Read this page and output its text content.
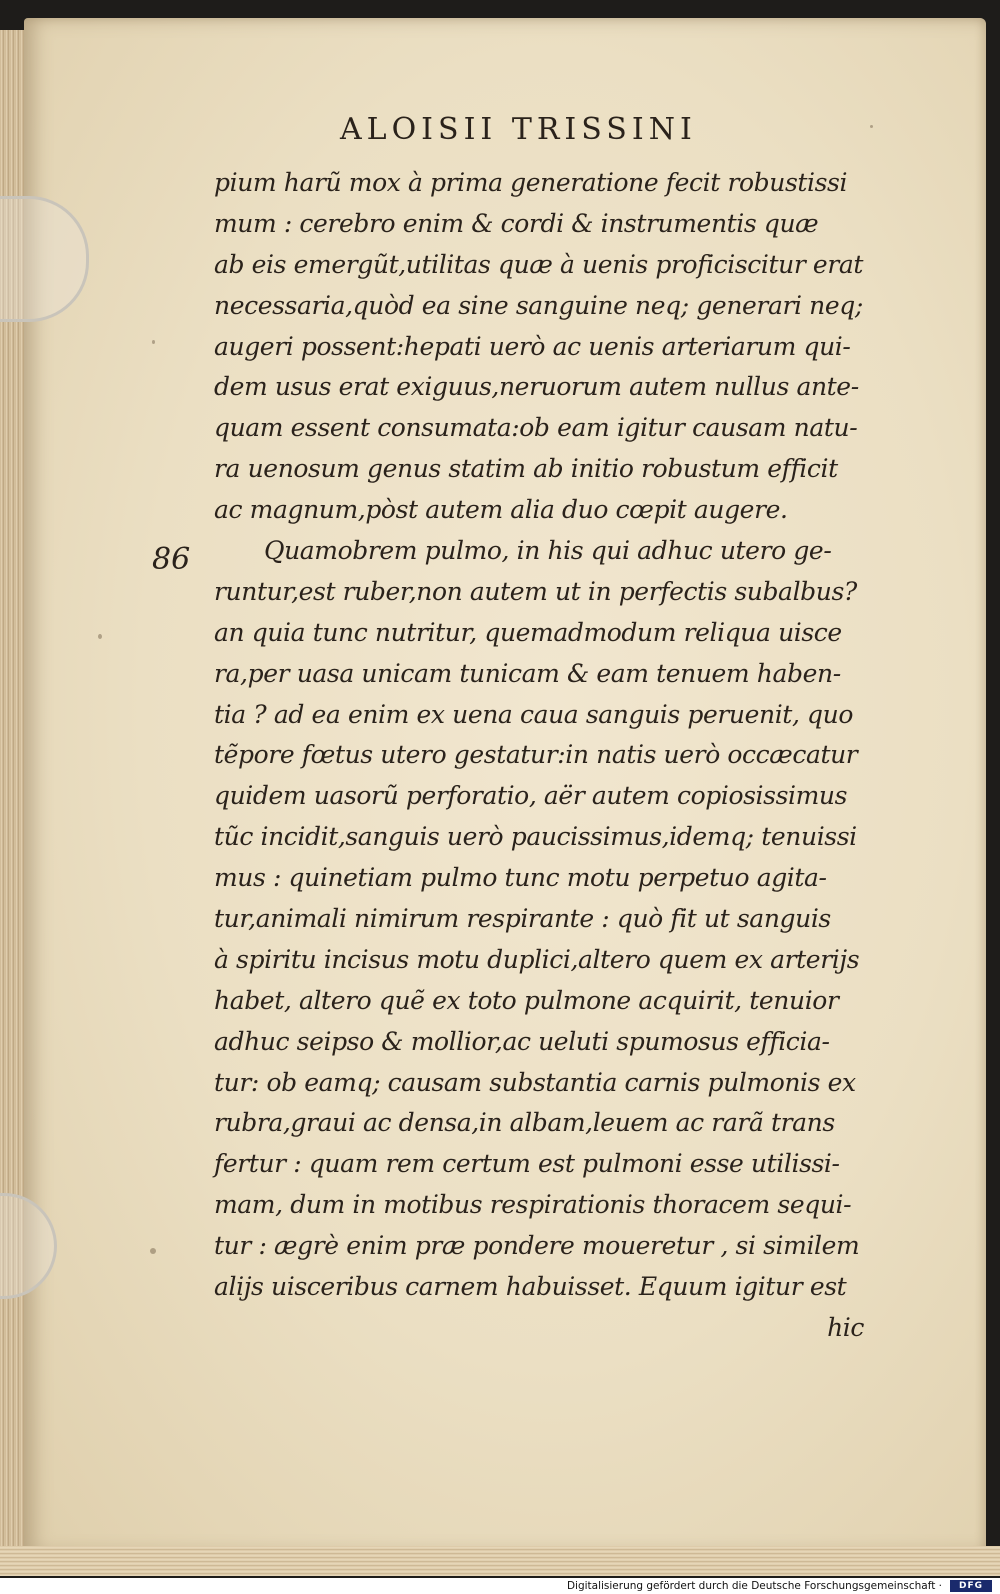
ALOISII TRISSINI
86
pium harũ mox à prima generatione fecit robustissi
mum : cerebro enim & cordi & instrumentis quæ
ab eis emergũt,utilitas quæ à uenis proficiscitur erat
necessaria,quòd ea sine sanguine neq; generari neq;
augeri possent:hepati uerò ac uenis arteriarum qui-
dem usus erat exiguus,neruorum autem nullus ante-
quam essent consumata:ob eam igitur causam natu-
ra uenosum genus statim ab initio robustum efficit
ac magnum,pòst autem alia duo cœpit augere.
Quamobrem pulmo, in his qui adhuc utero ge-
runtur,est ruber,non autem ut in perfectis subalbus?
an quia tunc nutritur, quemadmodum reliqua uisce
ra,per uasa unicam tunicam & eam tenuem haben-
tia ? ad ea enim ex uena caua sanguis peruenit, quo
tẽpore fœtus utero gestatur:in natis uerò occæcatur
quidem uasorũ perforatio, aër autem copiosissimus
tũc incidit,sanguis uerò paucissimus,idemq; tenuissi
mus : quinetiam pulmo tunc motu perpetuo agita-
tur,animali nimirum respirante : quò fit ut sanguis
à spiritu incisus motu duplici,altero quem ex arterijs
habet, altero quẽ ex toto pulmone acquirit, tenuior
adhuc seipso & mollior,ac ueluti spumosus efficia-
tur: ob eamq; causam substantia carnis pulmonis ex
rubra,graui ac densa,in albam,leuem ac rarã trans
fertur : quam rem certum est pulmoni esse utilissi-
mam, dum in motibus respirationis thoracem sequi-
tur : ægrè enim præ pondere moueretur , si similem
alijs uisceribus carnem habuisset. Equum igitur est
hic
Digitalisierung gefördert durch die Deutsche Forschungsgemeinschaft ·	DFG
